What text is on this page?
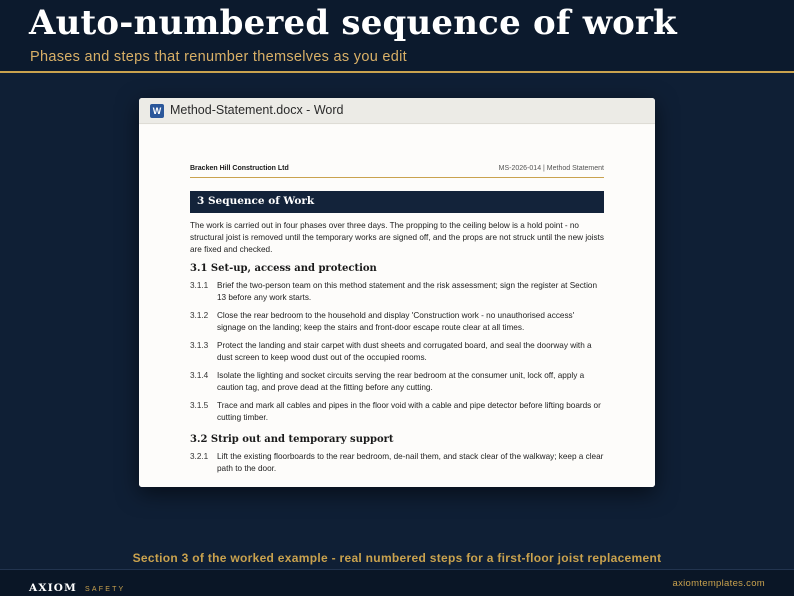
Auto-numbered sequence of work
Phases and steps that renumber themselves as you edit
W Method-Statement.docx - Word
Bracken Hill Construction Ltd	MS-2026-014 | Method Statement
3 Sequence of Work
The work is carried out in four phases over three days. The propping to the ceiling below is a hold point - no structural joist is removed until the temporary works are signed off, and the props are not struck until the new joists are fixed and checked.
3.1 Set-up, access and protection
3.1.1 Brief the two-person team on this method statement and the risk assessment; sign the register at Section 13 before any work starts.
3.1.2 Close the rear bedroom to the household and display 'Construction work - no unauthorised access' signage on the landing; keep the stairs and front-door escape route clear at all times.
3.1.3 Protect the landing and stair carpet with dust sheets and corrugated board, and seal the doorway with a dust screen to keep wood dust out of the occupied rooms.
3.1.4 Isolate the lighting and socket circuits serving the rear bedroom at the consumer unit, lock off, apply a caution tag, and prove dead at the fitting before any cutting.
3.1.5 Trace and mark all cables and pipes in the floor void with a cable and pipe detector before lifting boards or cutting timber.
3.2 Strip out and temporary support
3.2.1 Lift the existing floorboards to the rear bedroom, de-nail them, and stack clear of the walkway; keep a clear path to the door.
Section 3 of the worked example - real numbered steps for a first-floor joist replacement
AXIOM SAFETY
axiomtemplates.com
